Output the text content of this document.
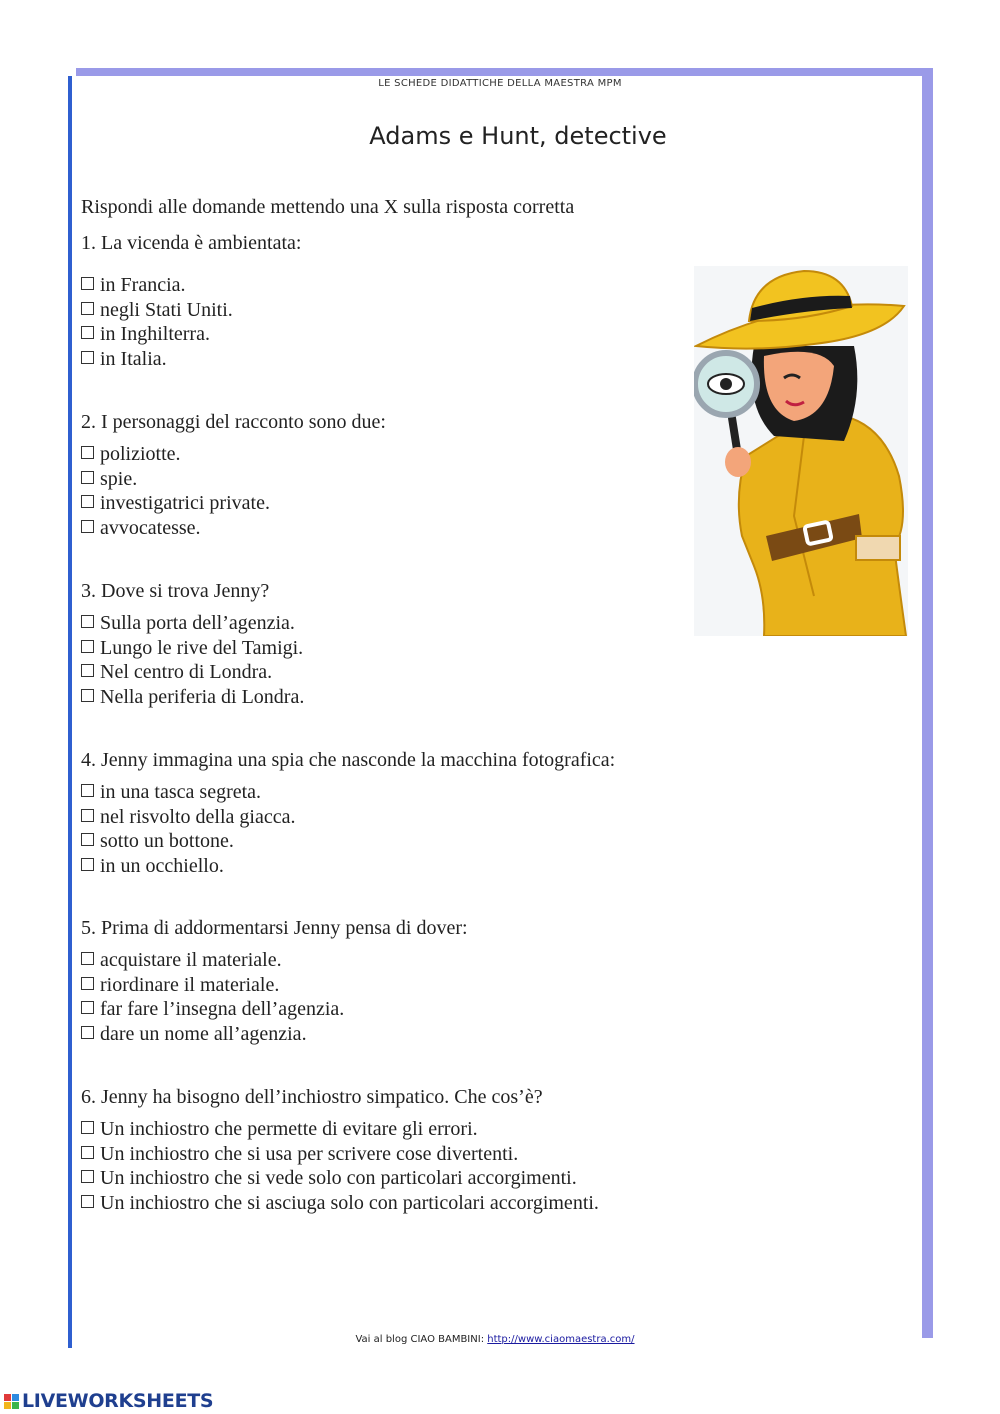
LE SCHEDE DIDATTICHE DELLA MAESTRA MPM
Adams e Hunt, detective
Rispondi alle domande mettendo una X sulla risposta corretta
1. La vicenda è ambientata:
in Francia.
negli Stati Uniti.
in Inghilterra.
in Italia.
2. I personaggi del racconto sono due:
poliziotte.
spie.
investigatrici private.
avvocatesse.
3. Dove si trova Jenny?
Sulla porta dell’agenzia.
Lungo le rive del Tamigi.
Nel centro di Londra.
Nella periferia di Londra.
4. Jenny immagina una spia che nasconde la macchina fotografica:
in una tasca segreta.
nel risvolto della giacca.
sotto un bottone.
in un occhiello.
5. Prima di addormentarsi Jenny pensa di dover:
acquistare il materiale.
riordinare il materiale.
far fare l’insegna dell’agenzia.
dare un nome all’agenzia.
6. Jenny ha bisogno dell’inchiostro simpatico. Che cos’è?
Un inchiostro che permette di evitare gli errori.
Un inchiostro che si usa per scrivere cose divertenti.
Un inchiostro che si vede solo con particolari accorgimenti.
Un inchiostro che si asciuga solo con particolari accorgimenti.
Vai al blog CIAO BAMBINI: http://www.ciaomaestra.com/
LIVEWORKSHEETS
